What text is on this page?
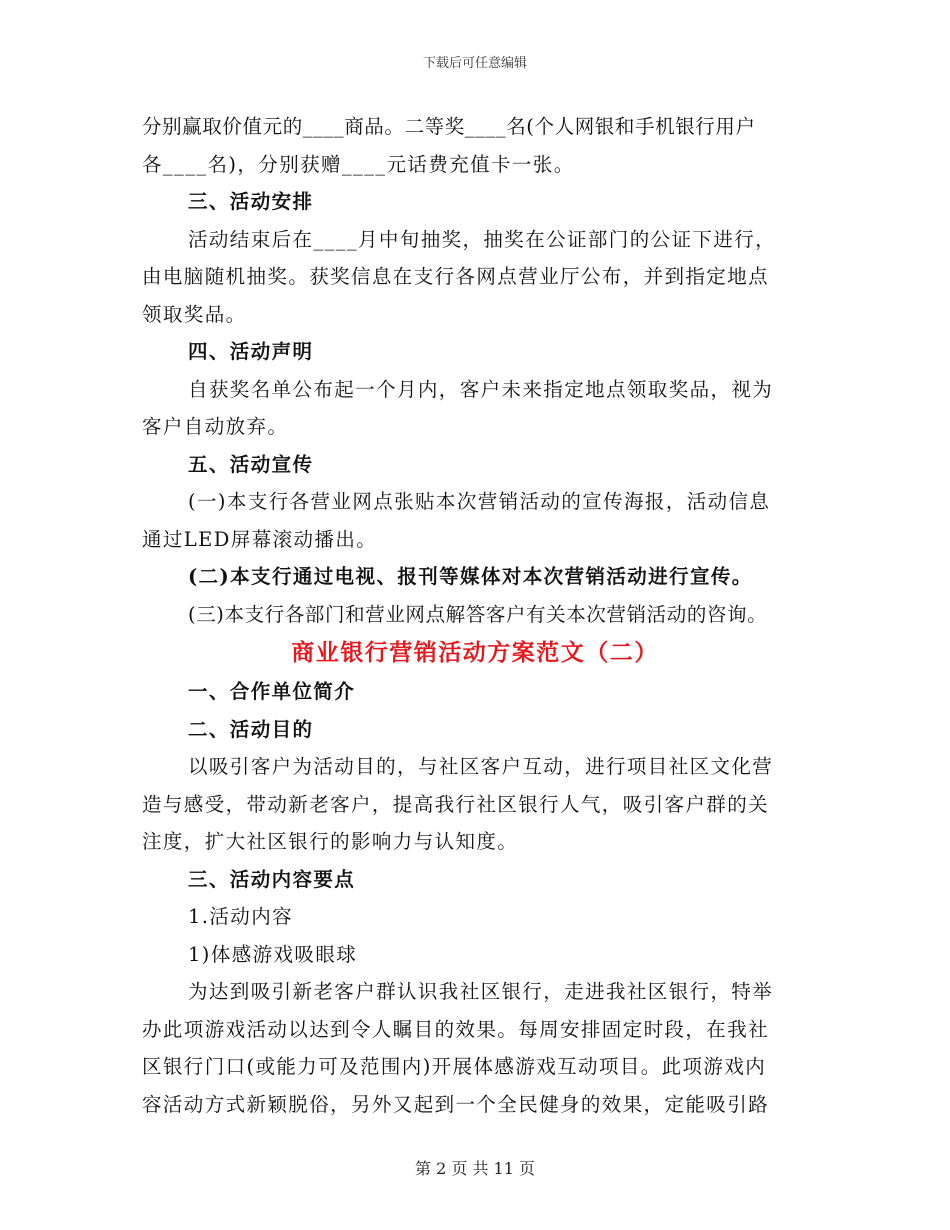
下载后可任意编辑
分别赢取价值元的____商品。二等奖____名(个人网银和手机银行用户
各____名)，分别获赠____元话费充值卡一张。
三、活动安排
活动结束后在____月中旬抽奖，抽奖在公证部门的公证下进行，
由电脑随机抽奖。获奖信息在支行各网点营业厅公布，并到指定地点
领取奖品。
四、活动声明
自获奖名单公布起一个月内，客户未来指定地点领取奖品，视为
客户自动放弃。
五、活动宣传
(一)本支行各营业网点张贴本次营销活动的宣传海报，活动信息
通过LED屏幕滚动播出。
(二)本支行通过电视、报刊等媒体对本次营销活动进行宣传。
(三)本支行各部门和营业网点解答客户有关本次营销活动的咨询。
商业银行营销活动方案范文（二）
一、合作单位简介
二、活动目的
以吸引客户为活动目的，与社区客户互动，进行项目社区文化营
造与感受，带动新老客户，提高我行社区银行人气，吸引客户群的关
注度，扩大社区银行的影响力与认知度。
三、活动内容要点
1.活动内容
1)体感游戏吸眼球
为达到吸引新老客户群认识我社区银行，走进我社区银行，特举
办此项游戏活动以达到令人瞩目的效果。每周安排固定时段，在我社
区银行门口(或能力可及范围内)开展体感游戏互动项目。此项游戏内
容活动方式新颖脱俗，另外又起到一个全民健身的效果，定能吸引路
第 2 页 共 11 页
